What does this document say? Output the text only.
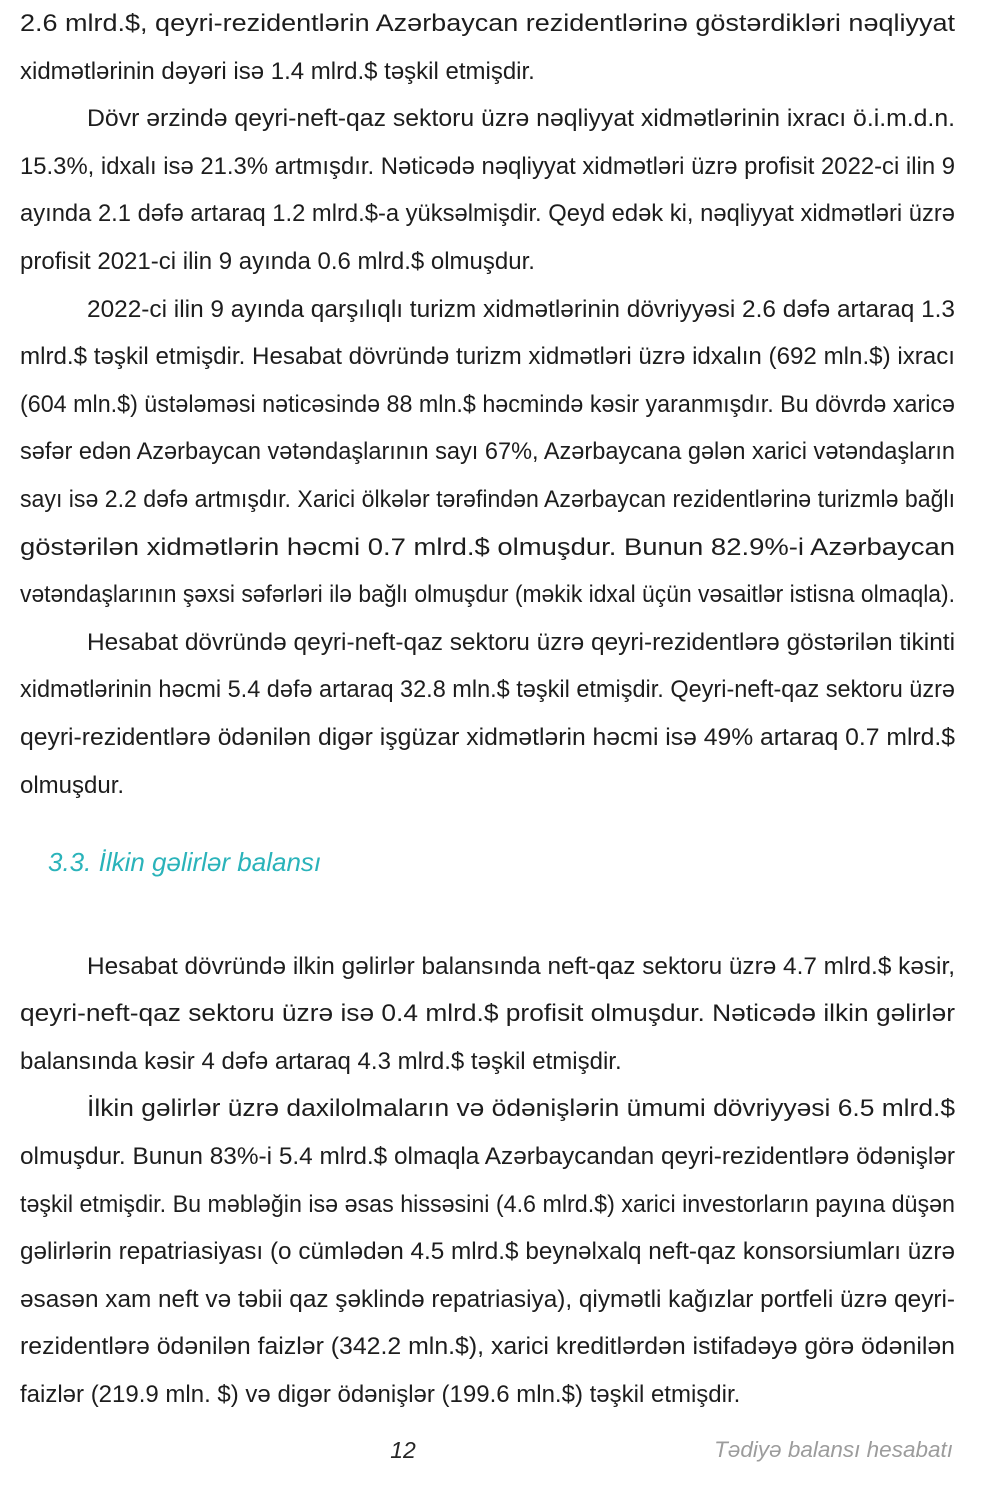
2.6 mlrd.$, qeyri-rezidentlərin Azərbaycan rezidentlərinə göstərdikləri nəqliyyat
xidmətlərinin dəyəri isə 1.4 mlrd.$ təşkil etmişdir.
Dövr ərzində qeyri-neft-qaz sektoru üzrə nəqliyyat xidmətlərinin ixracı ö.i.m.d.n.
15.3%, idxalı isə 21.3% artmışdır. Nəticədə nəqliyyat xidmətləri üzrə profisit 2022-ci ilin 9
ayında 2.1 dəfə artaraq 1.2 mlrd.$-a yüksəlmişdir. Qeyd edək ki, nəqliyyat xidmətləri üzrə
profisit 2021-ci ilin 9 ayında 0.6 mlrd.$ olmuşdur.
2022-ci ilin 9 ayında qarşılıqlı turizm xidmətlərinin dövriyyəsi 2.6 dəfə artaraq 1.3
mlrd.$ təşkil etmişdir. Hesabat dövründə turizm xidmətləri üzrə idxalın (692 mln.$) ixracı
(604 mln.$) üstələməsi nəticəsində 88 mln.$ həcmində kəsir yaranmışdır. Bu dövrdə xaricə
səfər edən Azərbaycan vətəndaşlarının sayı 67%, Azərbaycana gələn xarici vətəndaşların
sayı isə 2.2 dəfə artmışdır. Xarici ölkələr tərəfindən Azərbaycan rezidentlərinə turizmlə bağlı
göstərilən xidmətlərin həcmi 0.7 mlrd.$ olmuşdur. Bunun 82.9%-i Azərbaycan
vətəndaşlarının şəxsi səfərləri ilə bağlı olmuşdur (məkik idxal üçün vəsaitlər istisna olmaqla).
Hesabat dövründə qeyri-neft-qaz sektoru üzrə qeyri-rezidentlərə göstərilən tikinti
xidmətlərinin həcmi 5.4 dəfə artaraq 32.8 mln.$ təşkil etmişdir. Qeyri-neft-qaz sektoru üzrə
qeyri-rezidentlərə ödənilən digər işgüzar xidmətlərin həcmi isə 49% artaraq 0.7 mlrd.$
olmuşdur.
3.3. İlkin gəlirlər balansı
Hesabat dövründə ilkin gəlirlər balansında neft-qaz sektoru üzrə 4.7 mlrd.$ kəsir,
qeyri-neft-qaz sektoru üzrə isə 0.4 mlrd.$ profisit olmuşdur. Nəticədə ilkin gəlirlər
balansında kəsir 4 dəfə artaraq 4.3 mlrd.$ təşkil etmişdir.
İlkin gəlirlər üzrə daxilolmaların və ödənişlərin ümumi dövriyyəsi 6.5 mlrd.$
olmuşdur. Bunun 83%-i 5.4 mlrd.$ olmaqla Azərbaycandan qeyri-rezidentlərə ödənişlər
təşkil etmişdir. Bu məbləğin isə əsas hissəsini (4.6 mlrd.$) xarici investorların payına düşən
gəlirlərin repatriasiyası (o cümlədən 4.5 mlrd.$ beynəlxalq neft-qaz konsorsiumları üzrə
əsasən xam neft və təbii qaz şəklində repatriasiya), qiymətli kağızlar portfeli üzrə qeyri-
rezidentlərə ödənilən faizlər (342.2 mln.$), xarici kreditlərdən istifadəyə görə ödənilən
faizlər (219.9 mln. $) və digər ödənişlər (199.6 mln.$) təşkil etmişdir.
12	Tədiyə balansı hesabatı
